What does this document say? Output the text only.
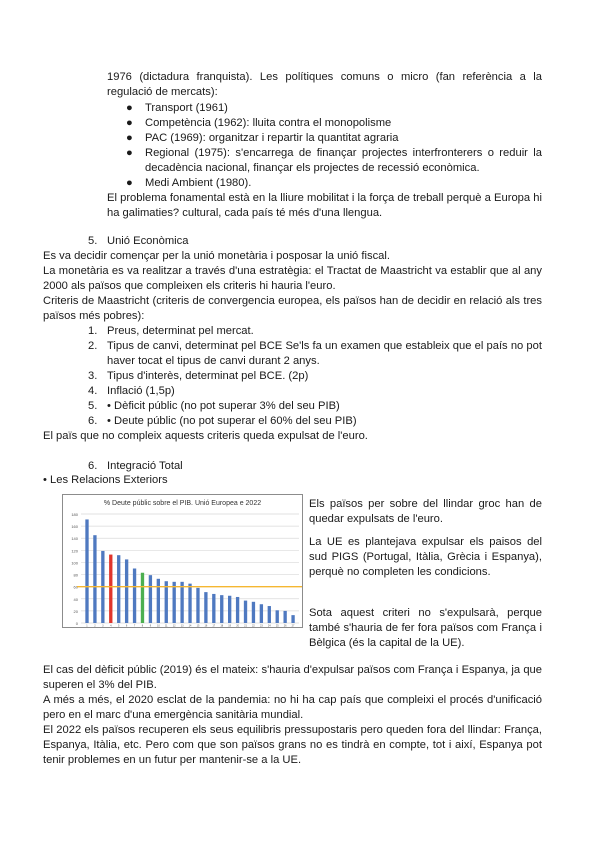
1976 (dictadura franquista). Les polítiques comuns o micro (fan referència a la regulació de mercats):

● Transport (1961)
● Competència (1962): lluita contra el monopolisme
● PAC (1969): organitzar i repartir la quantitat agraria
● Regional (1975): s'encarrega de finançar projectes interfronterers o reduir la decadència nacional, finançar els projectes de recessió econòmica.
● Medi Ambient (1980).

El problema fonamental està en la lliure mobilitat i la força de treball perquè a Europa hi ha galimaties? cultural, cada país té més d'una llengua.

5. Unió Econòmica

Es va decidir començar per la unió monetària i posposar la unió fiscal.

La monetària es va realitzar a través d'una estratègia: el Tractat de Maastricht va establir que al any 2000 als països que compleixen els criteris hi hauria l'euro.

Criteris de Maastricht (criteris de convergencia europea, els països han de decidir en relació als tres països més pobres):

1. Preus, determinat pel mercat.
2. Tipus de canvi, determinat pel BCE Se'ls fa un examen que estableix que el país no pot haver tocat el tipus de canvi durant 2 anys.
3. Tipus d'interès, determinat pel BCE. (2p)
4. Inflació (1,5p)
5. • Dèficit públic (no pot superar 3% del seu PIB)
6. • Deute públic (no pot superar el 60% del seu PIB)

El païs que no compleix aquests criteris queda expulsat de l'euro.

6. Integració Total

• Les Relacions Exteriors

% Deute públic sobre el PIB. Unió Europea e 2022
0
20
40
60
80
100
120
140
160
180
1	2	3	4	5	6	7	8	9 10 11 12 13 14 15 16 17 18 19 20 21 22 23 24 25 26 27

Els països per sobre del llindar groc han de quedar expulsats de l'euro.

La UE es plantejava expulsar els paisos del sud PIGS (Portugal, Itàlia, Grècia i Espanya), perquè no completen les condicions.

Sota aquest criteri no s'expulsarà, perque també s'hauria de fer fora països com França i Bèlgica (és la capital de la UE).

El cas del dèficit públic (2019) és el mateix: s'hauria d'expulsar països com França i Espanya, ja que superen el 3% del PIB.

A més a més, el 2020 esclat de la pandemia: no hi ha cap país que compleixi el procés d'unificació pero en el marc d'una emergència sanitària mundial.

El 2022 els països recuperen els seus equilibris pressupostaris pero queden fora del llindar: França, Espanya, Itàlia, etc. Pero com que son països grans no es tindrà en compte, tot i així, Espanya pot tenir problemes en un futur per mantenir-se a la UE.
